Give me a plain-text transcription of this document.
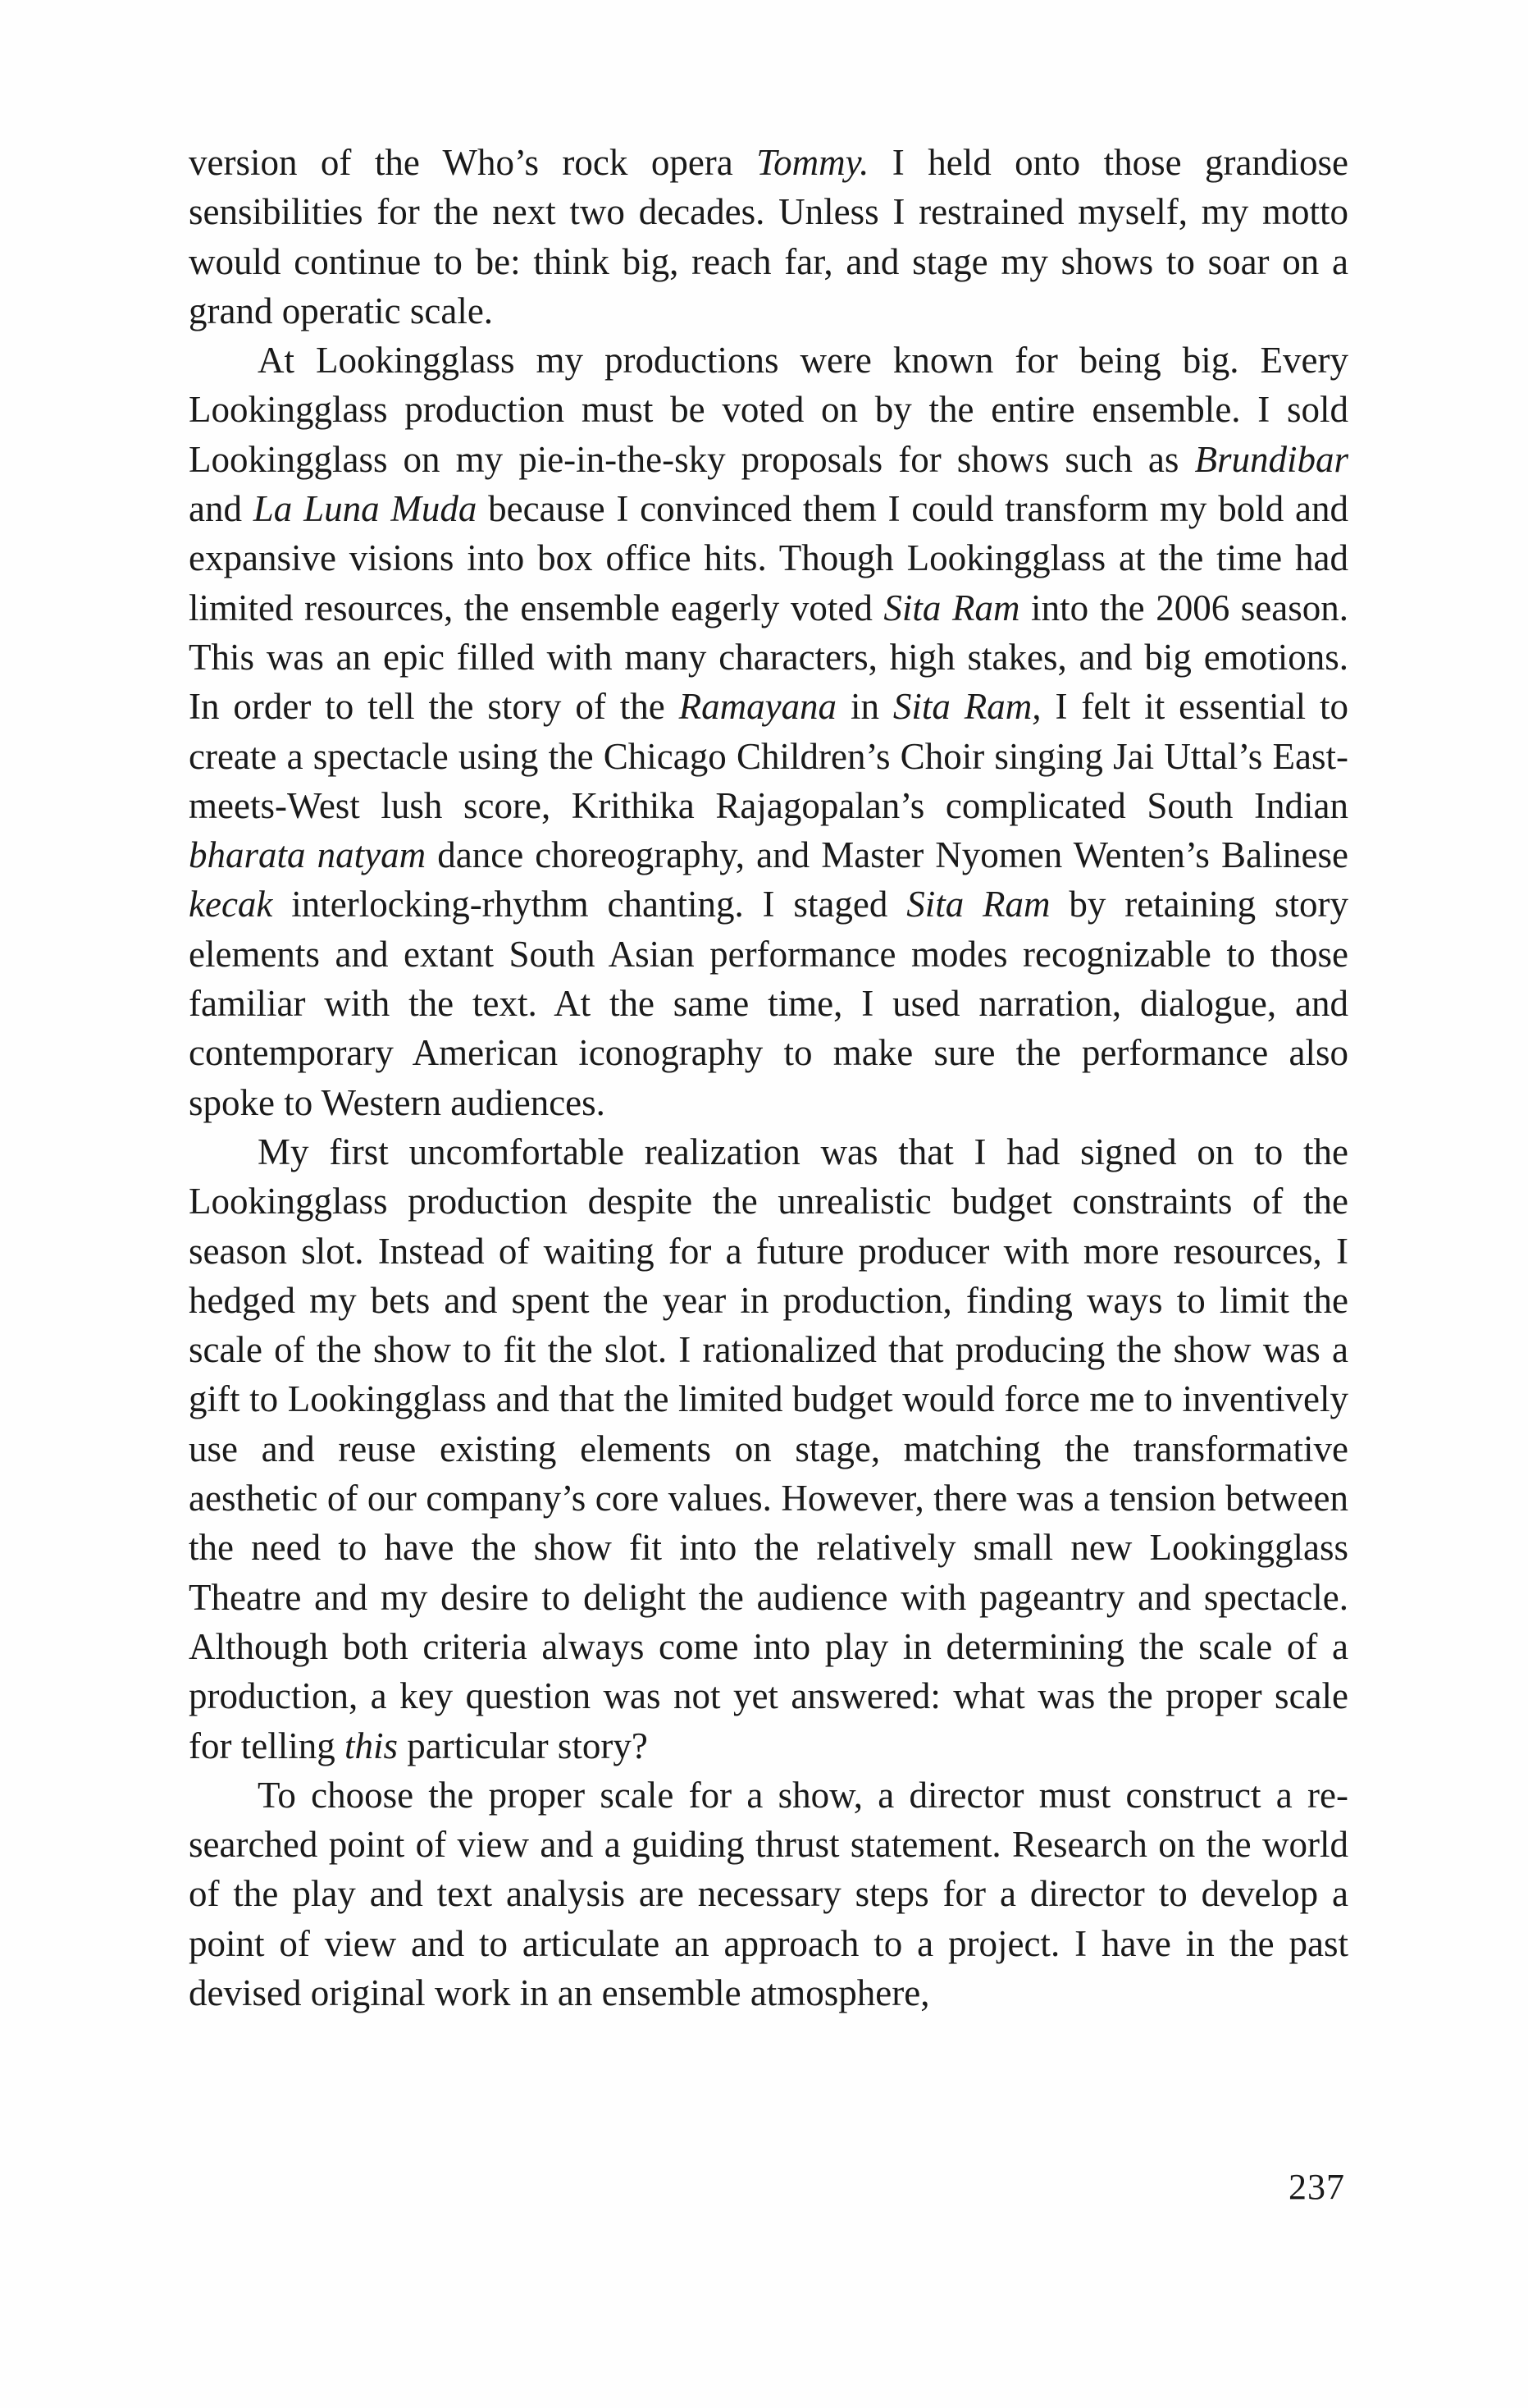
version of the Who’s rock opera Tommy. I held onto those grandiose sensibilities for the next two decades. Unless I restrained myself, my motto would continue to be: think big, reach far, and stage my shows to soar on a grand operatic scale.

At Lookingglass my productions were known for being big. Every Lookingglass production must be voted on by the entire ensemble. I sold Lookingglass on my pie-in-the-sky proposals for shows such as Brundibar and La Luna Muda because I convinced them I could transform my bold and expansive visions into box office hits. Though Lookingglass at the time had limited resources, the ensemble eagerly voted Sita Ram into the 2006 season. This was an epic filled with many characters, high stakes, and big emotions. In order to tell the story of the Ramayana in Sita Ram, I felt it essential to create a spectacle using the Chicago Children’s Choir singing Jai Uttal’s East-meets-West lush score, Krithika Rajagopalan’s complicated South Indian bharata natyam dance choreography, and Master Nyomen Wenten’s Balinese kecak interlocking-rhythm chanting. I staged Sita Ram by retaining story elements and extant South Asian performance modes recognizable to those familiar with the text. At the same time, I used narration, dialogue, and contemporary American iconography to make sure the performance also spoke to Western audiences.

My first uncomfortable realization was that I had signed on to the Lookingglass production despite the unrealistic budget constraints of the season slot. Instead of waiting for a future producer with more resources, I hedged my bets and spent the year in production, finding ways to limit the scale of the show to fit the slot. I rationalized that producing the show was a gift to Lookingglass and that the limited budget would force me to inventively use and reuse existing elements on stage, matching the transformative aesthetic of our company’s core values. However, there was a tension between the need to have the show fit into the relatively small new Lookingglass Theatre and my desire to delight the audience with pageantry and spectacle. Although both criteria always come into play in determining the scale of a production, a key question was not yet answered: what was the proper scale for telling this particular story?

To choose the proper scale for a show, a director must construct a researched point of view and a guiding thrust statement. Research on the world of the play and text analysis are necessary steps for a director to develop a point of view and to articulate an approach to a project. I have in the past devised original work in an ensemble atmosphere,

237
